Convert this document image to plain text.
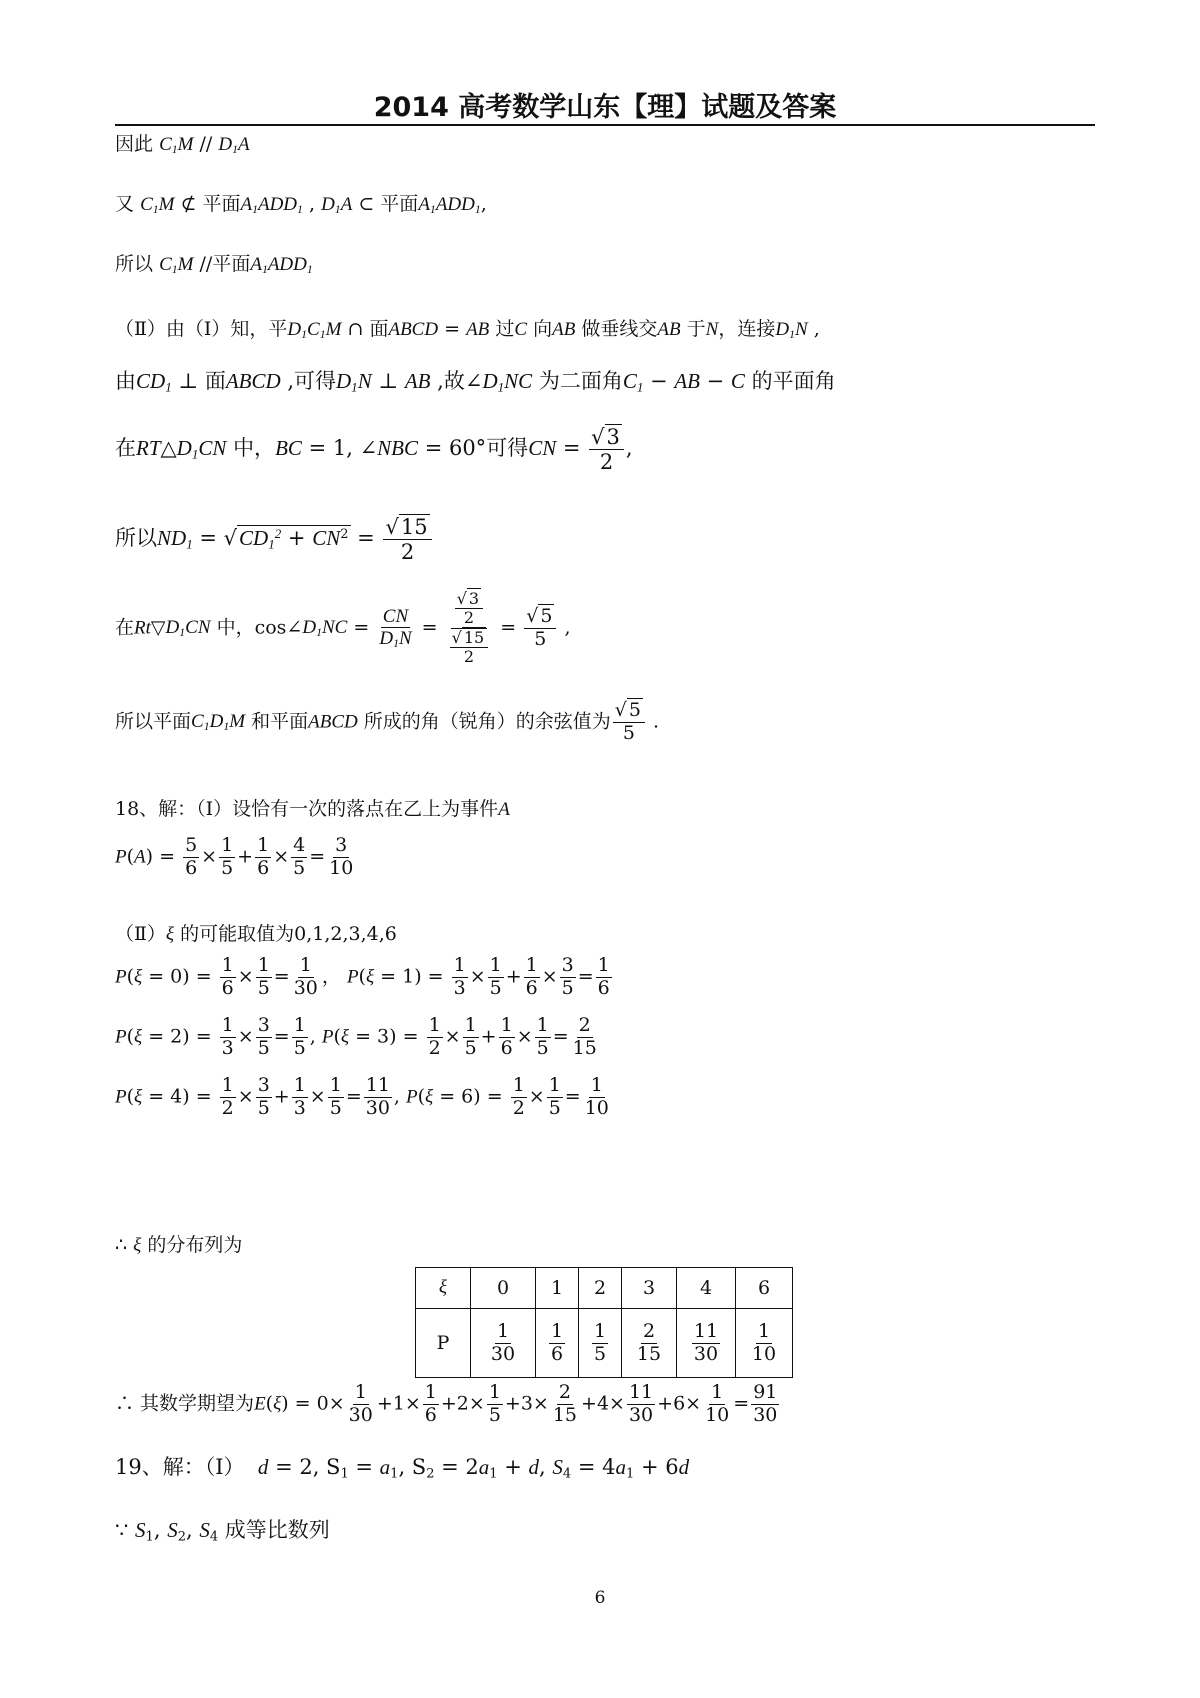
2014 高考数学山东【理】试题及答案
因此 $C_1M // D_1A$
又 $C_1M$ ⊄ 平面$A_1ADD_1$ , $D_1A$ ⊂ 平面$A_1ADD_1$,
所以 $C_1M$ //平面$A_1ADD_1$
（Ⅱ）由（Ⅰ）知，平$D_1C_1M$ ∩ 面ABCD = AB 过C 向AB 做垂线交AB 于N，连接$D_1N$ ,
由$CD_1$ ⊥ 面ABCD ,可得$D_1N$ ⊥ AB ,故$\angle D_1NC$ 为二面角$C_1$ − AB − C 的平面角
在$RT\triangle D_1CN$ 中，BC = 1, ∠NBC = 60°可得CN = $\frac{√3}{2}$ ,
所以$ND_1 = √CD_1^2 + CN^2 = \frac{√15}{2}$
在$Rt▽D_1CN$ 中，$\cos\angle D_1NC = \frac{CN}{D_1N} = \frac{\frac{√ 3}{2}}{\frac{√ 15}{2}} = \frac{√ 5}{5}$ ,
所以平面$C_1D_1M$ 和平面ABCD 所成的角（锐角）的余弦值为 $\frac{√ 5}{5}$ .
18、解：（Ⅰ）设恰有一次的落点在乙上为事件A
$P(A) = \frac{5}{6} \times \frac{1}{5} + \frac{1}{6} \times \frac{4}{5} = \frac{3}{10}$
（Ⅱ）ξ 的可能取值为0,1,2,3,4,6
$P(\xi = 0) = \frac{1}{6} \times \frac{1}{5} = \frac{1}{30}$ ， $P(\xi = 1) = \frac{1}{3} \times \frac{1}{5} + \frac{1}{6} \times \frac{3}{5} = \frac{1}{6}$
$P(\xi = 2) = \frac{1}{3} \times \frac{3}{5} = \frac{1}{5}$ , $P(\xi = 3) = \frac{1}{2} \times \frac{1}{5} + \frac{1}{6} \times \frac{1}{5} = \frac{2}{15}$
$P(\xi = 4) = \frac{1}{2} \times \frac{3}{5} + \frac{1}{3} \times \frac{1}{5} = \frac{11}{30}$ , $P(\xi = 6) = \frac{1}{2} \times \frac{1}{5} = \frac{1}{10}$
∴ ξ 的分布列为
ξ	0	1	2	3	4	6
P	$\frac{1}{30}$	$\frac{1}{6}$	$\frac{1}{5}$	$\frac{2}{15}$	$\frac{11}{30}$	$\frac{1}{10}$
∴ 其数学期望为$E(\xi) = 0\times \frac{1}{30} +1\times \frac{1}{6} +2\times \frac{1}{5} +3\times \frac{2}{15} +4\times \frac{11}{30} +6\times \frac{1}{10} = \frac{91}{30}$
19、解：（Ⅰ） d = 2, $S_1 = a_1$, $S_2 = 2a_1 + d$, $S_4 = 4a_1 + 6d$
∵ $S_1$, $S_2$, $S_4$ 成等比数列
6
